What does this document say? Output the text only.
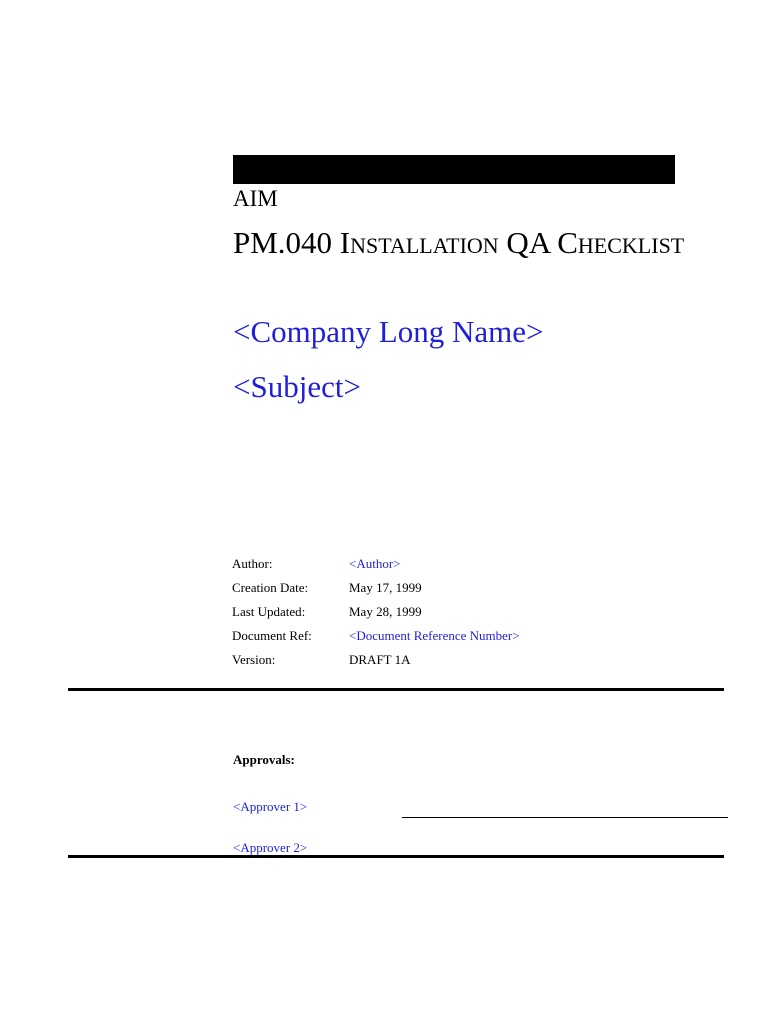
AIM
PM.040 Installation QA Checklist
<Company Long Name>
<Subject>
Author:	<Author>
Creation Date:	May 17, 1999
Last Updated:	May 28, 1999
Document Ref:	<Document Reference Number>
Version:	DRAFT 1A
Approvals:
<Approver 1>
<Approver 2>
